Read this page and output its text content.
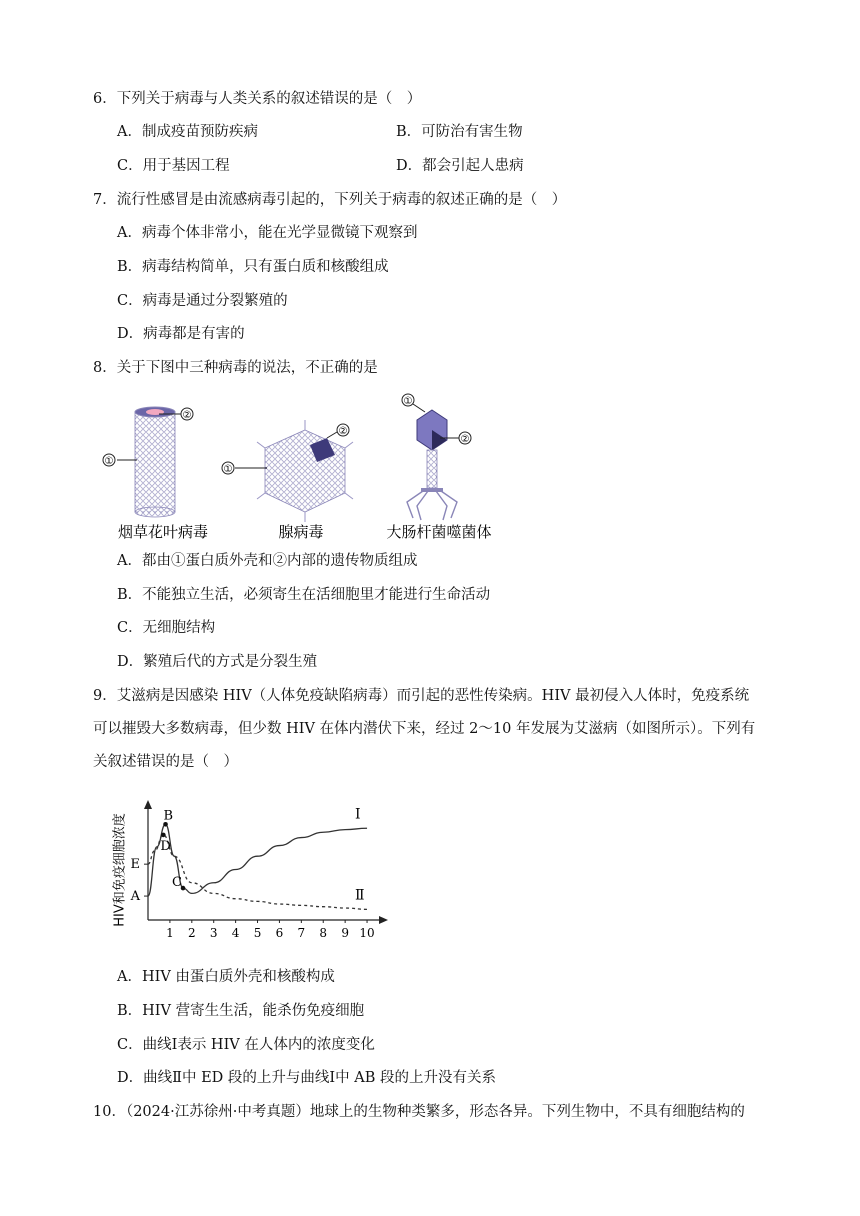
6．下列关于病毒与人类关系的叙述错误的是（　）
A．制成疫苗预防疾病	B．可防治有害生物
C．用于基因工程	D．都会引起人患病
7．流行性感冒是由流感病毒引起的，下列关于病毒的叙述正确的是（　）
A．病毒个体非常小，能在光学显微镜下观察到
B．病毒结构简单，只有蛋白质和核酸组成
C．病毒是通过分裂繁殖的
D．病毒都是有害的
8．关于下图中三种病毒的说法，不正确的是
②
①
②
①
①
②
烟草花叶病毒	腺病毒	大肠杆菌噬菌体
A．都由①蛋白质外壳和②内部的遗传物质组成
B．不能独立生活，必须寄生在活细胞里才能进行生命活动
C．无细胞结构
D．繁殖后代的方式是分裂生殖
9．艾滋病是因感染 HIV（人体免疫缺陷病毒）而引起的恶性传染病。HIV 最初侵入人体时，免疫系统
可以摧毁大多数病毒，但少数 HIV 在体内潜伏下来，经过 2～10 年发展为艾滋病（如图所示）。下列有
关叙述错误的是（　）
HIV和免疫细胞浓度
1 2 3 4 5 6 7 8 9 10
A
B
C
D
E
Ⅰ
Ⅱ
A．HIV 由蛋白质外壳和核酸构成
B．HIV 营寄生生活，能杀伤免疫细胞
C．曲线Ⅰ表示 HIV 在人体内的浓度变化
D．曲线Ⅱ中 ED 段的上升与曲线Ⅰ中 AB 段的上升没有关系
10．（2024·江苏徐州·中考真题）地球上的生物种类繁多，形态各异。下列生物中，不具有细胞结构的
